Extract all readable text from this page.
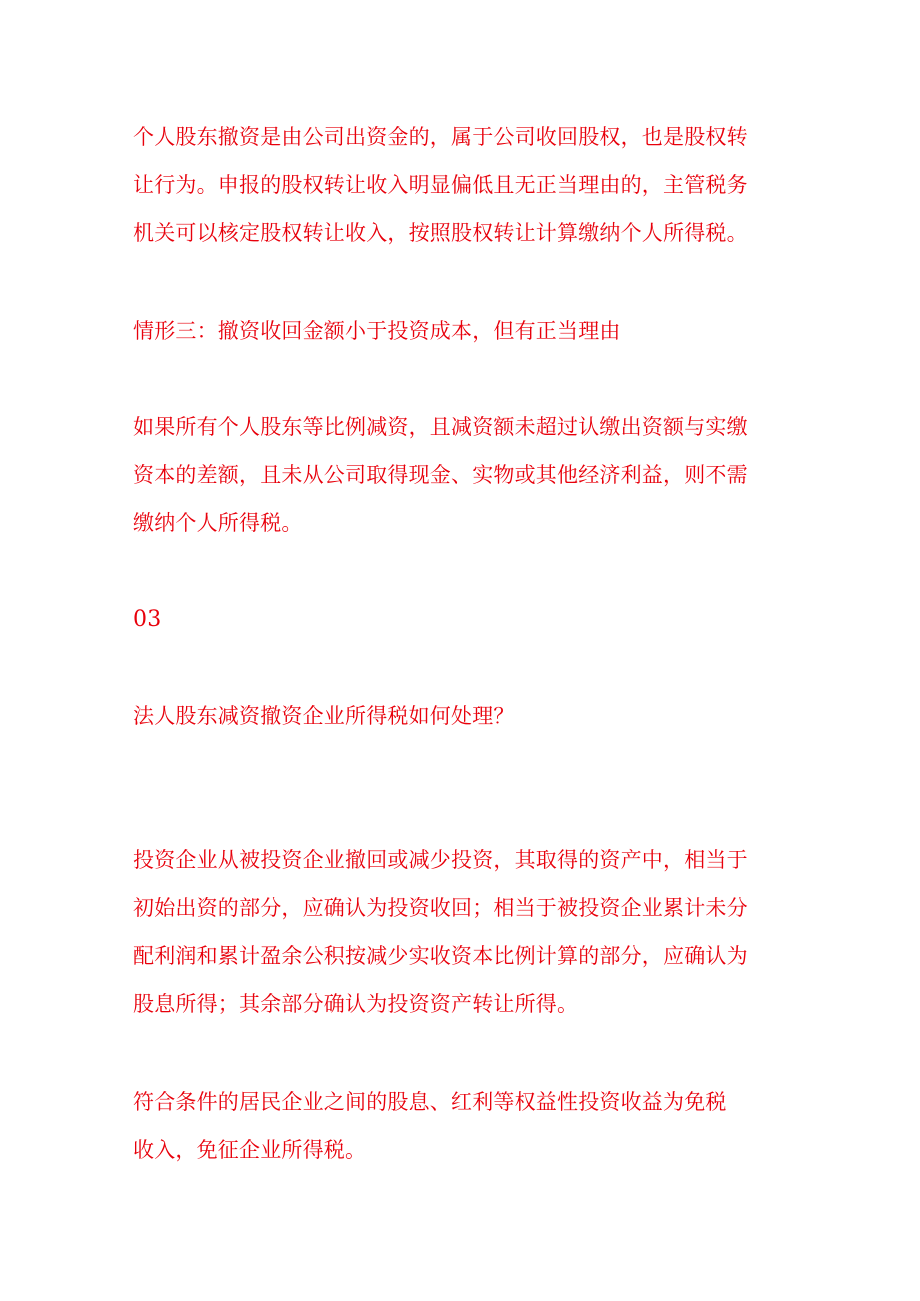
个人股东撤资是由公司出资金的，属于公司收回股权，也是股权转
让行为。申报的股权转让收入明显偏低且无正当理由的，主管税务
机关可以核定股权转让收入，按照股权转让计算缴纳个人所得税。

情形三：撤资收回金额小于投资成本，但有正当理由

如果所有个人股东等比例减资，且减资额未超过认缴出资额与实缴
资本的差额，且未从公司取得现金、实物或其他经济利益，则不需
缴纳个人所得税。

03

法人股东减资撤资企业所得税如何处理？

投资企业从被投资企业撤回或减少投资，其取得的资产中，相当于
初始出资的部分，应确认为投资收回；相当于被投资企业累计未分
配利润和累计盈余公积按减少实收资本比例计算的部分，应确认为
股息所得；其余部分确认为投资资产转让所得。

符合条件的居民企业之间的股息、红利等权益性投资收益为免税
收入，免征企业所得税。
